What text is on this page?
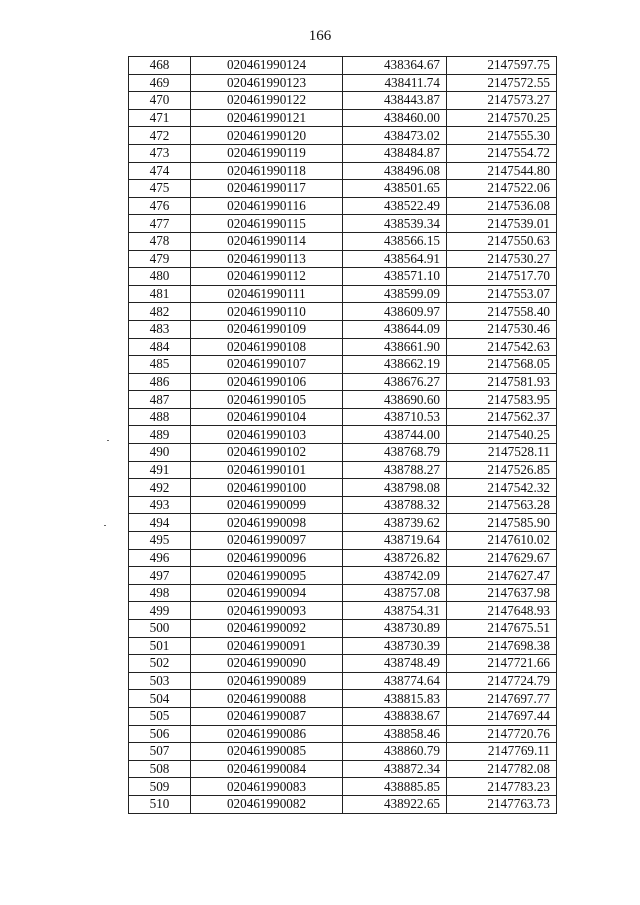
166
468	020461990124	438364.67	2147597.75
469	020461990123	438411.74	2147572.55
470	020461990122	438443.87	2147573.27
471	020461990121	438460.00	2147570.25
472	020461990120	438473.02	2147555.30
473	020461990119	438484.87	2147554.72
474	020461990118	438496.08	2147544.80
475	020461990117	438501.65	2147522.06
476	020461990116	438522.49	2147536.08
477	020461990115	438539.34	2147539.01
478	020461990114	438566.15	2147550.63
479	020461990113	438564.91	2147530.27
480	020461990112	438571.10	2147517.70
481	020461990111	438599.09	2147553.07
482	020461990110	438609.97	2147558.40
483	020461990109	438644.09	2147530.46
484	020461990108	438661.90	2147542.63
485	020461990107	438662.19	2147568.05
486	020461990106	438676.27	2147581.93
487	020461990105	438690.60	2147583.95
488	020461990104	438710.53	2147562.37
489	020461990103	438744.00	2147540.25
490	020461990102	438768.79	2147528.11
491	020461990101	438788.27	2147526.85
492	020461990100	438798.08	2147542.32
493	020461990099	438788.32	2147563.28
494	020461990098	438739.62	2147585.90
495	020461990097	438719.64	2147610.02
496	020461990096	438726.82	2147629.67
497	020461990095	438742.09	2147627.47
498	020461990094	438757.08	2147637.98
499	020461990093	438754.31	2147648.93
500	020461990092	438730.89	2147675.51
501	020461990091	438730.39	2147698.38
502	020461990090	438748.49	2147721.66
503	020461990089	438774.64	2147724.79
504	020461990088	438815.83	2147697.77
505	020461990087	438838.67	2147697.44
506	020461990086	438858.46	2147720.76
507	020461990085	438860.79	2147769.11
508	020461990084	438872.34	2147782.08
509	020461990083	438885.85	2147783.23
510	020461990082	438922.65	2147763.73
